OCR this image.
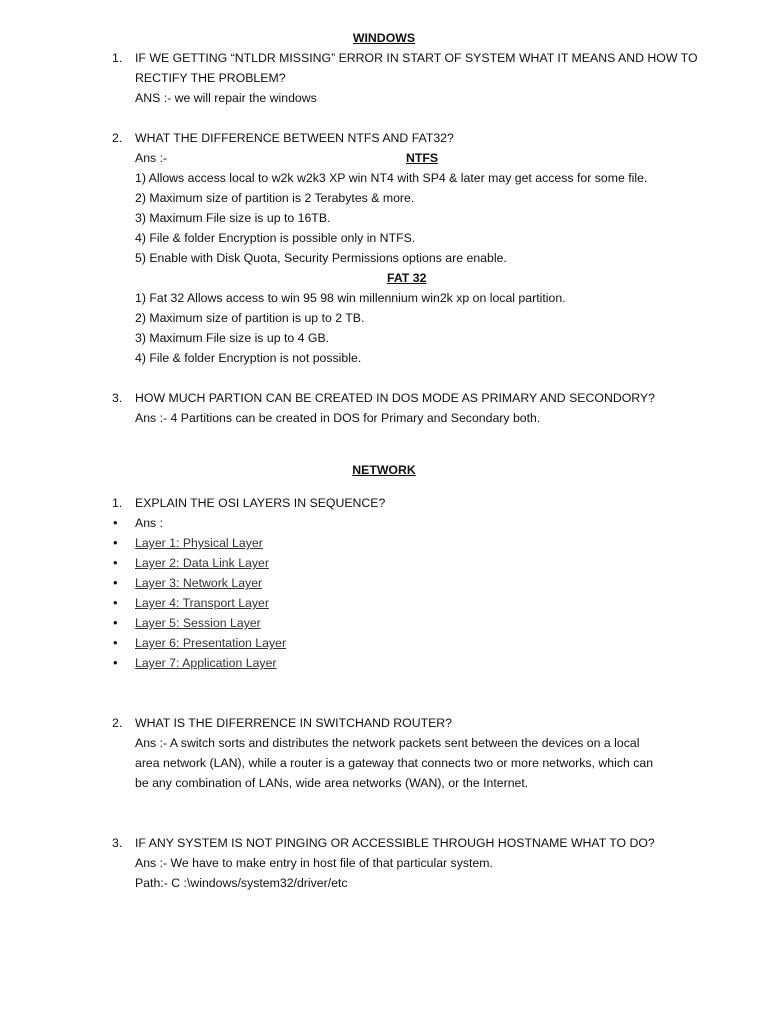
WINDOWS
1. IF WE GETTING “NTLDR MISSING” ERROR IN START OF SYSTEM WHAT IT MEANS AND HOW TO
RECTIFY THE PROBLEM?
ANS :- we will repair the windows
2. WHAT THE DIFFERENCE BETWEEN NTFS AND FAT32?
Ans :-	NTFS
1) Allows access local to w2k w2k3 XP win NT4 with SP4 & later may get access for some file.
2) Maximum size of partition is 2 Terabytes & more.
3) Maximum File size is up to 16TB.
4) File & folder Encryption is possible only in NTFS.
5) Enable with Disk Quota, Security Permissions options are enable.
FAT 32
1) Fat 32 Allows access to win 95 98 win millennium win2k xp on local partition.
2) Maximum size of partition is up to 2 TB.
3) Maximum File size is up to 4 GB.
4) File & folder Encryption is not possible.
3. HOW MUCH PARTION CAN BE CREATED IN DOS MODE AS PRIMARY AND SECONDORY?
Ans :- 4 Partitions can be created in DOS for Primary and Secondary both.
NETWORK
1. EXPLAIN THE OSI LAYERS IN SEQUENCE?
• Ans :
• Layer 1: Physical Layer
• Layer 2: Data Link Layer
• Layer 3: Network Layer
• Layer 4: Transport Layer
• Layer 5: Session Layer
• Layer 6: Presentation Layer
• Layer 7: Application Layer
2. WHAT IS THE DIFERRENCE IN SWITCHAND ROUTER?
Ans :- A switch sorts and distributes the network packets sent between the devices on a local
area network (LAN), while a router is a gateway that connects two or more networks, which can
be any combination of LANs, wide area networks (WAN), or the Internet.
3. IF ANY SYSTEM IS NOT PINGING OR ACCESSIBLE THROUGH HOSTNAME WHAT TO DO?
Ans :- We have to make entry in host file of that particular system.
Path:- C :\windows/system32/driver/etc
